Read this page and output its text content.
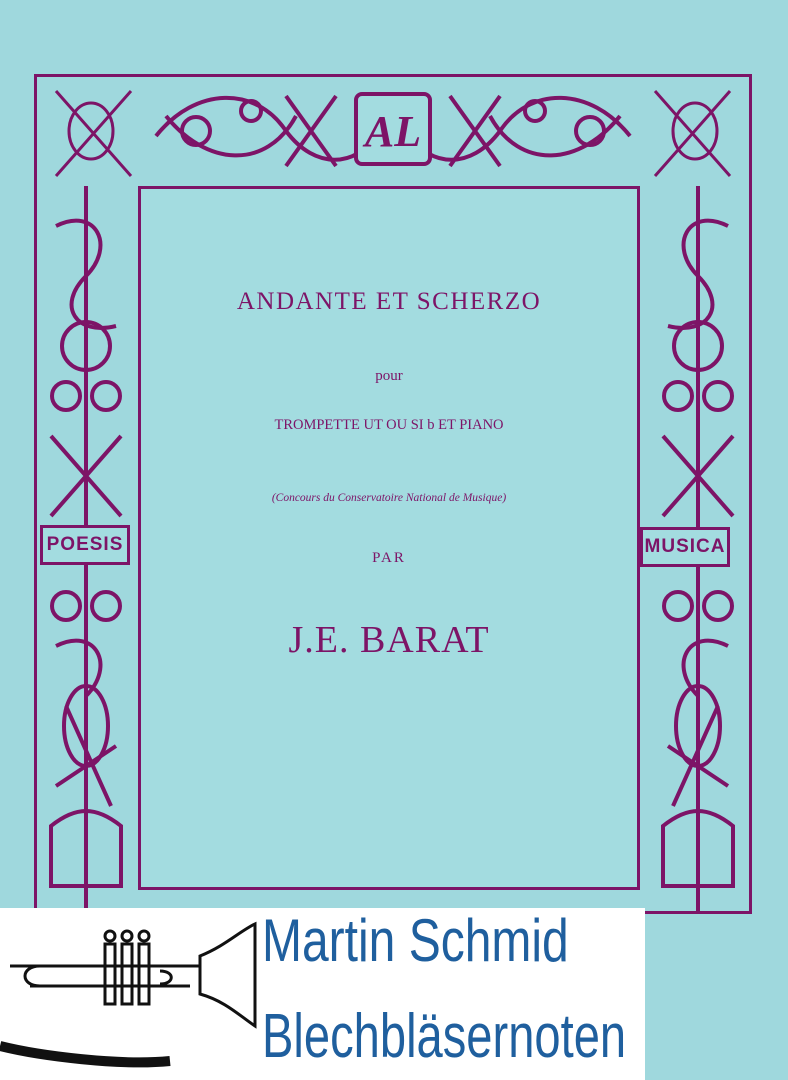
AL
POESIS	MUSICA
ANDANTE ET SCHERZO
pour
TROMPETTE UT OU SI b ET PIANO
(Concours du Conservatoire National de Musique)
PAR
J.E. BARAT
Martin Schmid
Blechbläsernoten
